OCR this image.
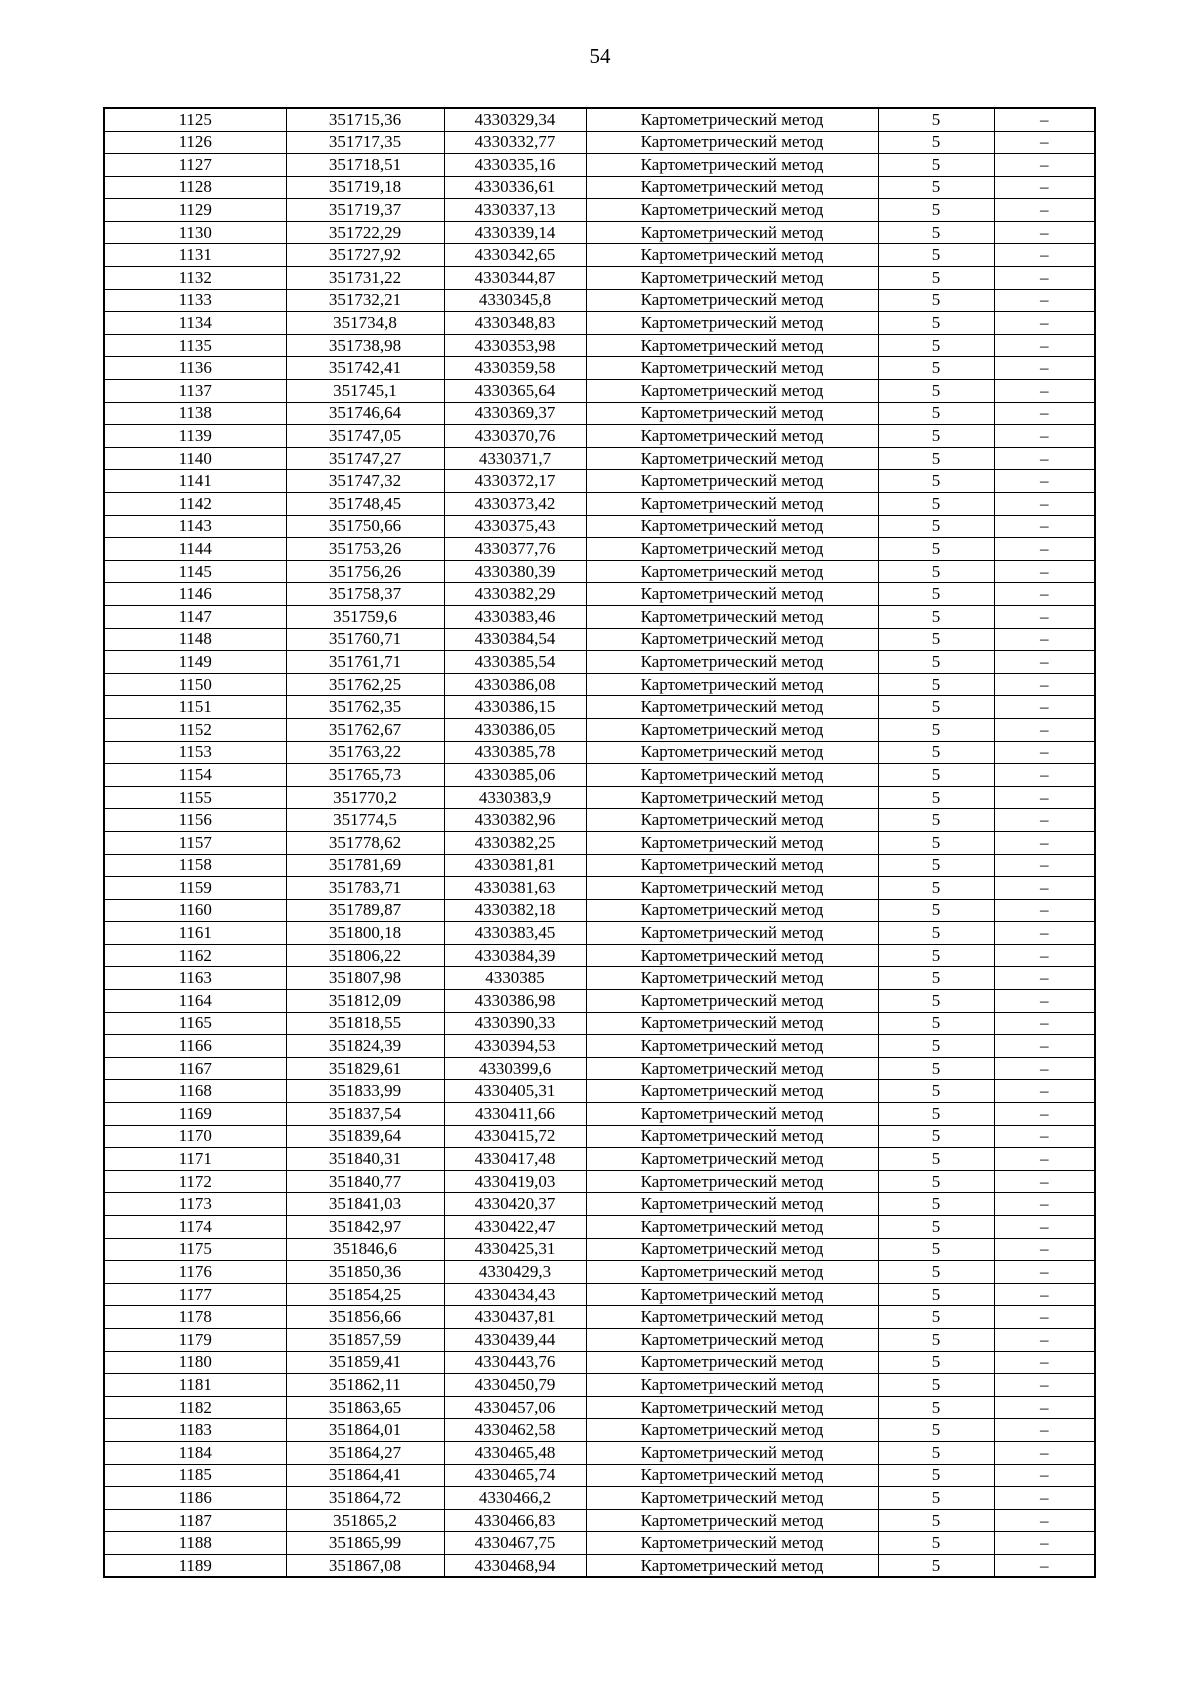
54
1125	351715,36	4330329,34	Картометрический метод	5	–
1126	351717,35	4330332,77	Картометрический метод	5	–
1127	351718,51	4330335,16	Картометрический метод	5	–
1128	351719,18	4330336,61	Картометрический метод	5	–
1129	351719,37	4330337,13	Картометрический метод	5	–
1130	351722,29	4330339,14	Картометрический метод	5	–
1131	351727,92	4330342,65	Картометрический метод	5	–
1132	351731,22	4330344,87	Картометрический метод	5	–
1133	351732,21	4330345,8	Картометрический метод	5	–
1134	351734,8	4330348,83	Картометрический метод	5	–
1135	351738,98	4330353,98	Картометрический метод	5	–
1136	351742,41	4330359,58	Картометрический метод	5	–
1137	351745,1	4330365,64	Картометрический метод	5	–
1138	351746,64	4330369,37	Картометрический метод	5	–
1139	351747,05	4330370,76	Картометрический метод	5	–
1140	351747,27	4330371,7	Картометрический метод	5	–
1141	351747,32	4330372,17	Картометрический метод	5	–
1142	351748,45	4330373,42	Картометрический метод	5	–
1143	351750,66	4330375,43	Картометрический метод	5	–
1144	351753,26	4330377,76	Картометрический метод	5	–
1145	351756,26	4330380,39	Картометрический метод	5	–
1146	351758,37	4330382,29	Картометрический метод	5	–
1147	351759,6	4330383,46	Картометрический метод	5	–
1148	351760,71	4330384,54	Картометрический метод	5	–
1149	351761,71	4330385,54	Картометрический метод	5	–
1150	351762,25	4330386,08	Картометрический метод	5	–
1151	351762,35	4330386,15	Картометрический метод	5	–
1152	351762,67	4330386,05	Картометрический метод	5	–
1153	351763,22	4330385,78	Картометрический метод	5	–
1154	351765,73	4330385,06	Картометрический метод	5	–
1155	351770,2	4330383,9	Картометрический метод	5	–
1156	351774,5	4330382,96	Картометрический метод	5	–
1157	351778,62	4330382,25	Картометрический метод	5	–
1158	351781,69	4330381,81	Картометрический метод	5	–
1159	351783,71	4330381,63	Картометрический метод	5	–
1160	351789,87	4330382,18	Картометрический метод	5	–
1161	351800,18	4330383,45	Картометрический метод	5	–
1162	351806,22	4330384,39	Картометрический метод	5	–
1163	351807,98	4330385	Картометрический метод	5	–
1164	351812,09	4330386,98	Картометрический метод	5	–
1165	351818,55	4330390,33	Картометрический метод	5	–
1166	351824,39	4330394,53	Картометрический метод	5	–
1167	351829,61	4330399,6	Картометрический метод	5	–
1168	351833,99	4330405,31	Картометрический метод	5	–
1169	351837,54	4330411,66	Картометрический метод	5	–
1170	351839,64	4330415,72	Картометрический метод	5	–
1171	351840,31	4330417,48	Картометрический метод	5	–
1172	351840,77	4330419,03	Картометрический метод	5	–
1173	351841,03	4330420,37	Картометрический метод	5	–
1174	351842,97	4330422,47	Картометрический метод	5	–
1175	351846,6	4330425,31	Картометрический метод	5	–
1176	351850,36	4330429,3	Картометрический метод	5	–
1177	351854,25	4330434,43	Картометрический метод	5	–
1178	351856,66	4330437,81	Картометрический метод	5	–
1179	351857,59	4330439,44	Картометрический метод	5	–
1180	351859,41	4330443,76	Картометрический метод	5	–
1181	351862,11	4330450,79	Картометрический метод	5	–
1182	351863,65	4330457,06	Картометрический метод	5	–
1183	351864,01	4330462,58	Картометрический метод	5	–
1184	351864,27	4330465,48	Картометрический метод	5	–
1185	351864,41	4330465,74	Картометрический метод	5	–
1186	351864,72	4330466,2	Картометрический метод	5	–
1187	351865,2	4330466,83	Картометрический метод	5	–
1188	351865,99	4330467,75	Картометрический метод	5	–
1189	351867,08	4330468,94	Картометрический метод	5	–
